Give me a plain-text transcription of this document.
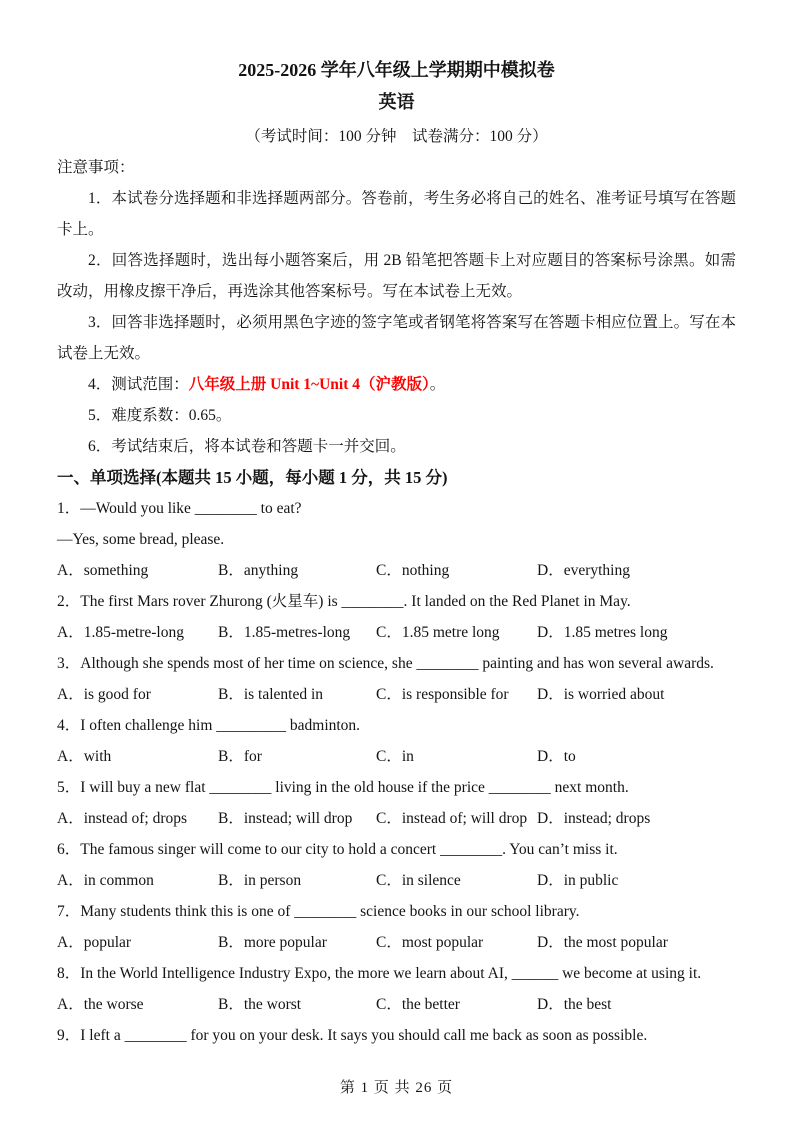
2025-2026 学年八年级上学期期中模拟卷

英语

（考试时间：100 分钟　试卷满分：100 分）

注意事项：

1．本试卷分选择题和非选择题两部分。答卷前，考生务必将自己的姓名、准考证号填写在答题卡上。

2．回答选择题时，选出每小题答案后，用 2B 铅笔把答题卡上对应题目的答案标号涂黑。如需改动，用橡皮擦干净后，再选涂其他答案标号。写在本试卷上无效。

3．回答非选择题时，必须用黑色字迹的签字笔或者钢笔将答案写在答题卡相应位置上。写在本试卷上无效。

4．测试范围：八年级上册 Unit 1~Unit 4（沪教版）。

5．难度系数：0.65。

6．考试结束后，将本试卷和答题卡一并交回。

一、单项选择(本题共 15 小题，每小题 1 分，共 15 分)

1．—Would you like ________ to eat?

—Yes, some bread, please.

A．something	B．anything	C．nothing	D．everything

2．The first Mars rover Zhurong (火星车) is ________. It landed on the Red Planet in May.

A．1.85-metre-long	B．1.85-metres-long	C．1.85 metre long	D．1.85 metres long

3．Although she spends most of her time on science, she ________ painting and has won several awards.

A．is good for	B．is talented in	C．is responsible for	D．is worried about

4．I often challenge him _________ badminton.

A．with	B．for	C．in	D．to

5．I will buy a new flat ________ living in the old house if the price ________ next month.

A．instead of; drops	B．instead; will drop	C．instead of; will drop D．instead; drops

6．The famous singer will come to our city to hold a concert ________. You can’t miss it.

A．in common	B．in person	C．in silence	D．in public

7．Many students think this is one of ________ science books in our school library.

A．popular	B．more popular	C．most popular	D．the most popular

8．In the World Intelligence Industry Expo, the more we learn about AI, ______ we become at using it.

A．the worse	B．the worst	C．the better	D．the best

9．I left a ________ for you on your desk. It says you should call me back as soon as possible.

第 1 页 共 26 页
